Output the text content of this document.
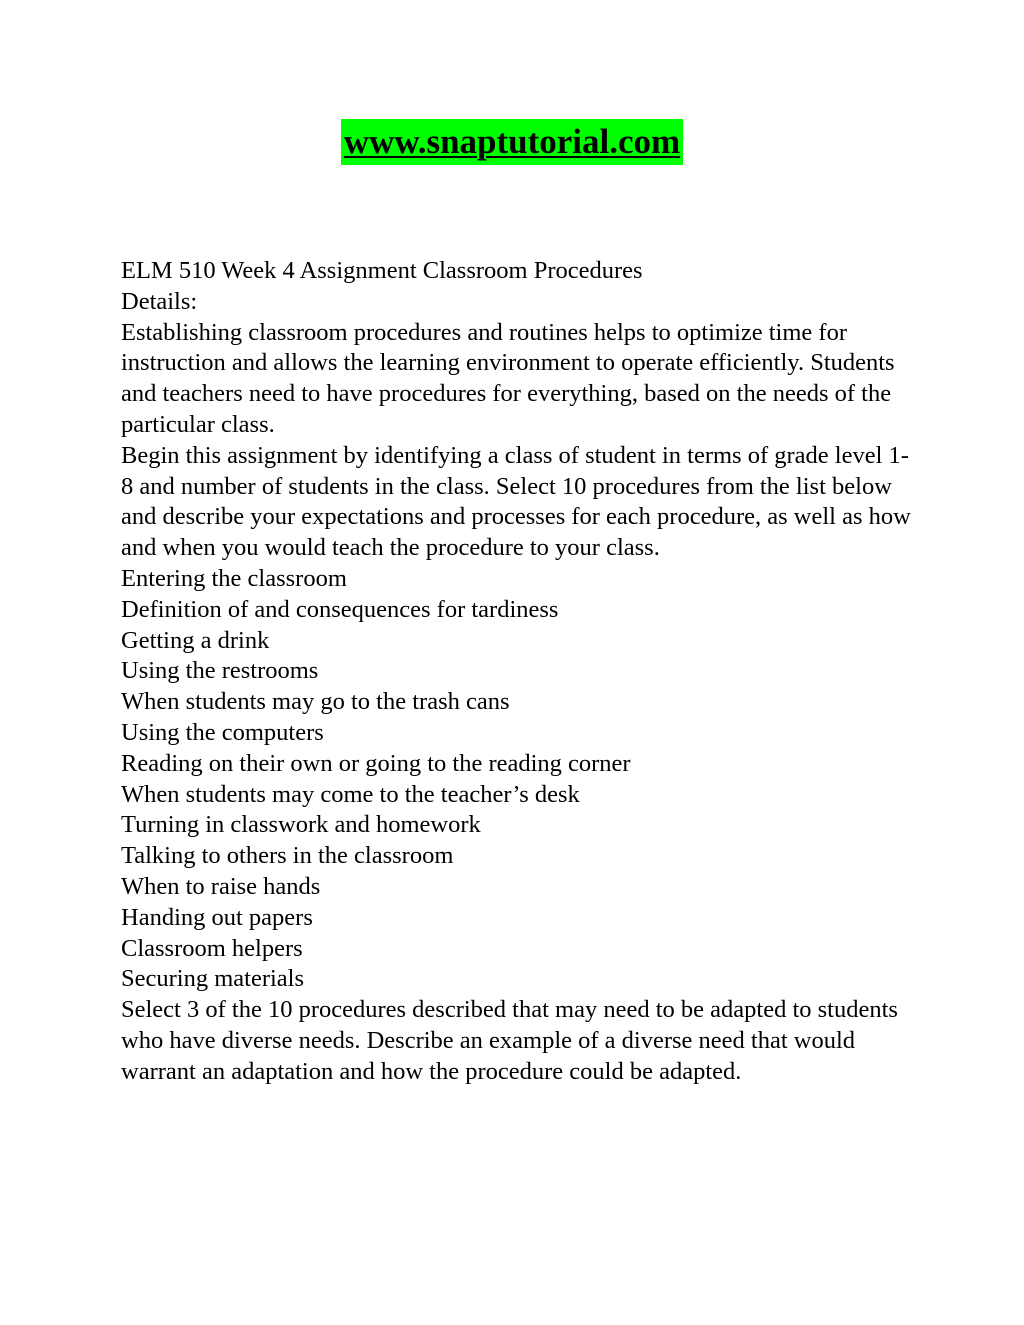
www.snaptutorial.com

ELM 510 Week 4 Assignment Classroom Procedures

Details:

Establishing classroom procedures and routines helps to optimize time for instruction and allows the learning environment to operate efficiently. Students and teachers need to have procedures for everything, based on the needs of the particular class.

Begin this assignment by identifying a class of student in terms of grade level 1-8 and number of students in the class. Select 10 procedures from the list below and describe your expectations and processes for each procedure, as well as how and when you would teach the procedure to your class.

Entering the classroom

Definition of and consequences for tardiness

Getting a drink

Using the restrooms

When students may go to the trash cans

Using the computers

Reading on their own or going to the reading corner

When students may come to the teacher’s desk

Turning in classwork and homework

Talking to others in the classroom

When to raise hands

Handing out papers

Classroom helpers

Securing materials

Select 3 of the 10 procedures described that may need to be adapted to students who have diverse needs. Describe an example of a diverse need that would warrant an adaptation and how the procedure could be adapted.
